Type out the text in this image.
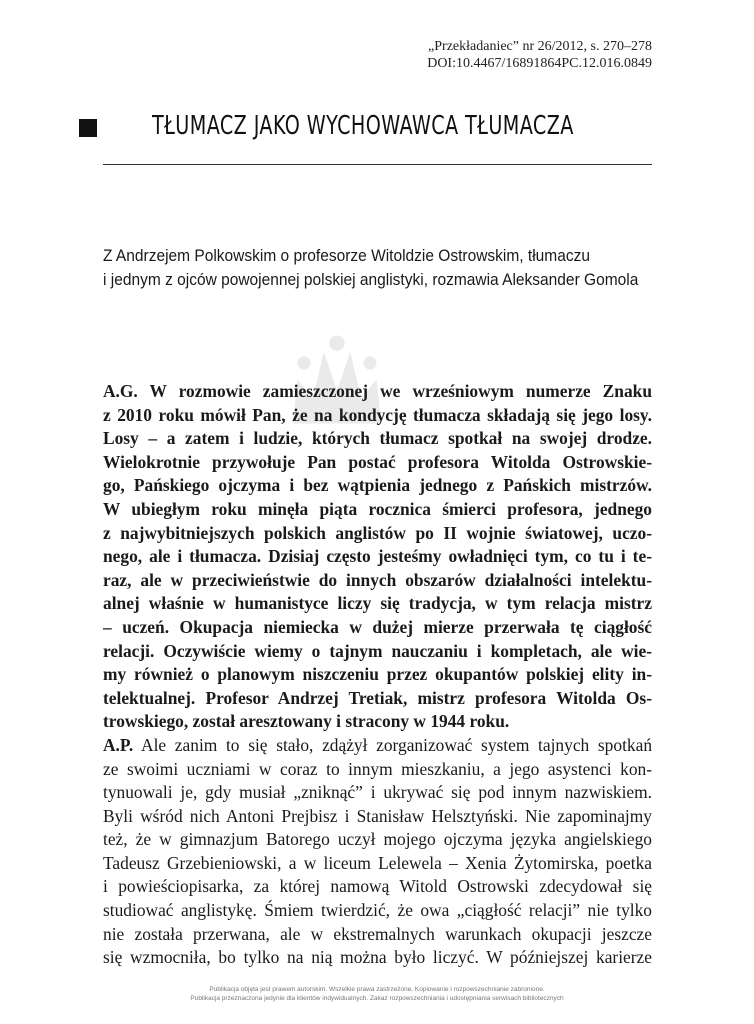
„Przekładaniec” nr 26/2012, s. 270–278
DOI:10.4467/16891864PC.12.016.0849
TŁUMACZ JAKO WYCHOWAWCA TŁUMACZA
Z Andrzejem Polkowskim o profesorze Witoldzie Ostrowskim, tłumaczu
i jednym z ojców powojennej polskiej anglistyki, rozmawia Aleksander Gomola
A.G. W rozmowie zamieszczonej we wrześniowym numerze Znaku
z 2010 roku mówił Pan, że na kondycję tłumacza składają się jego losy.
Losy – a zatem i ludzie, których tłumacz spotkał na swojej drodze.
Wielokrotnie przywołuje Pan postać profesora Witolda Ostrowskie-
go, Pańskiego ojczyma i bez wątpienia jednego z Pańskich mistrzów.
W ubiegłym roku minęła piąta rocznica śmierci profesora, jednego
z najwybitniejszych polskich anglistów po II wojnie światowej, uczo-
nego, ale i tłumacza. Dzisiaj często jesteśmy owładnięci tym, co tu i te-
raz, ale w przeciwieństwie do innych obszarów działalności intelektu-
alnej właśnie w humanistyce liczy się tradycja, w tym relacja mistrz
– uczeń. Okupacja niemiecka w dużej mierze przerwała tę ciągłość
relacji. Oczywiście wiemy o tajnym nauczaniu i kompletach, ale wie-
my również o planowym niszczeniu przez okupantów polskiej elity in-
telektualnej. Profesor Andrzej Tretiak, mistrz profesora Witolda Os-
trowskiego, został aresztowany i stracony w 1944 roku.
A.P. Ale zanim to się stało, zdążył zorganizować system tajnych spotkań
ze swoimi uczniami w coraz to innym mieszkaniu, a jego asystenci kon-
tynuowali je, gdy musiał „zniknąć” i ukrywać się pod innym nazwiskiem.
Byli wśród nich Antoni Prejbisz i Stanisław Helsztyński. Nie zapominajmy
też, że w gimnazjum Batorego uczył mojego ojczyma języka angielskiego
Tadeusz Grzebieniowski, a w liceum Lelewela – Xenia Żytomirska, poetka
i powieściopisarka, za której namową Witold Ostrowski zdecydował się
studiować anglistykę. Śmiem twierdzić, że owa „ciągłość relacji” nie tylko
nie została przerwana, ale w ekstremalnych warunkach okupacji jeszcze
się wzmocniła, bo tylko na nią można było liczyć. W późniejszej karierze
Publikacja objęta jest prawem autorskim. Wszelkie prawa zastrzeżone. Kopiowanie i rozpowszechnianie zabronione.
Publikacja przeznaczona jedynie dla klientów indywidualnych. Zakaz rozpowszechniania i udostępniania serwisach bibliotecznych
